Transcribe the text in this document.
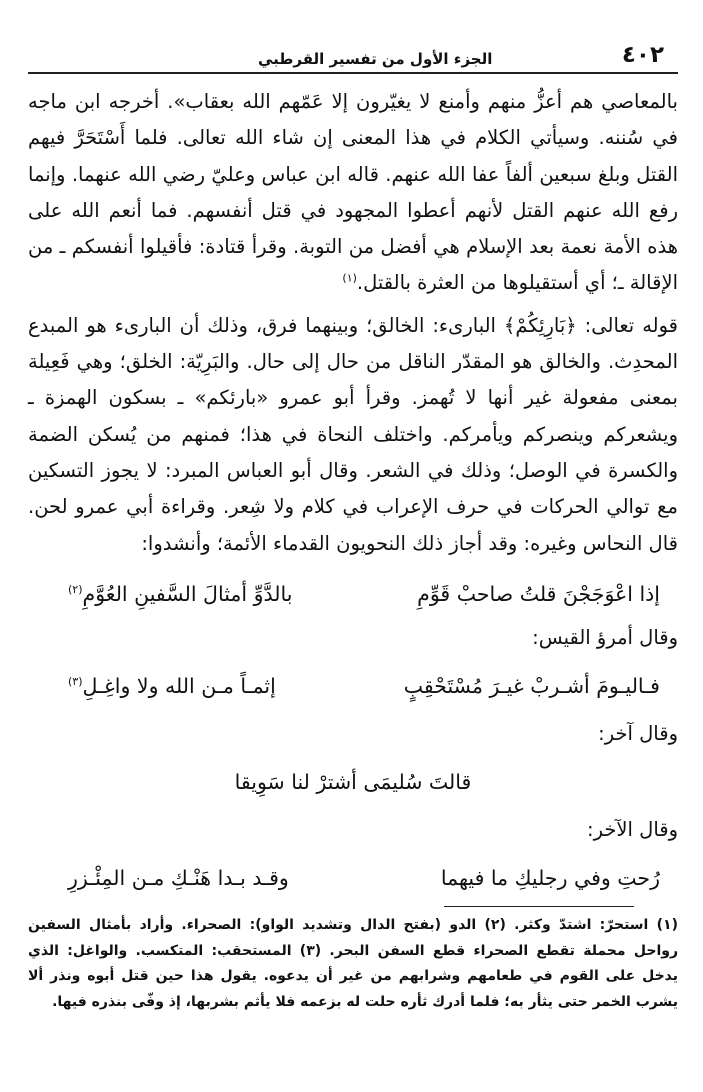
٤٠٢
الجزء الأول من تفسير القرطبي

بالمعاصي هم أعزُّ منهم وأمنع لا يغيّرون إلا عَمّهم الله بعقاب». أخرجه ابن ماجه في سُننه. وسيأتي الكلام في هذا المعنى إن شاء الله تعالى. فلما أَسْتَحَرَّ فيهم القتل وبلغ سبعين ألفاً عفا الله عنهم. قاله ابن عباس وعليّ رضي الله عنهما. وإنما رفع الله عنهم القتل لأنهم أعطوا المجهود في قتل أنفسهم. فما أنعم الله على هذه الأمة نعمة بعد الإسلام هي أفضل من التوبة. وقرأ قتادة: فأقيلوا أنفسكم ـ من الإقالة ـ؛ أي أستقيلوها من العثرة بالقتل.$^{(١)}$

قوله تعالى: ﴿بَارِئِكُمْ﴾ البارىء: الخالق؛ وبينهما فرق، وذلك أن البارىء هو المبدع المحدِث. والخالق هو المقدّر الناقل من حال إلى حال. والبَرِيّة: الخلق؛ وهي فَعِيلة بمعنى مفعولة غير أنها لا تُهمز. وقرأ أبو عمرو «بارئكم» ـ بسكون الهمزة ـ ويشعركم وينصركم ويأمركم. واختلف النحاة في هذا؛ فمنهم من يُسكن الضمة والكسرة في الوصل؛ وذلك في الشعر. وقال أبو العباس المبرد: لا يجوز التسكين مع توالي الحركات في حرف الإعراب في كلام ولا شِعر. وقراءة أبي عمرو لحن. قال النحاس وغيره: وقد أجاز ذلك النحويون القدماء الأئمة؛ وأنشدوا:

إذا اعْوَجَجْنَ قلتُ صاحبْ قَوِّمِ
بالدَّوِّ أمثالَ السَّفينِ العُوَّمِ$^{(٢)}$

وقال أمرؤ القيس:

فـاليـومَ أشـربْ غيـرَ مُسْتَحْقِبٍ
إثمـاً مـن الله ولا واغِـلِ$^{(٣)}$

وقال آخر:

قالتَ سُليمَى أشترْ لنا سَوِيقا

وقال الآخر:

رُحتِ وفي رجليكِ ما فيهما
وقـد بـدا هَنْـكِ مـن المِئْـزرِ

(١) استحرّ: اشتدّ وكثر. (٢) الدو (بفتح الدال وتشديد الواو): الصحراء. وأراد بأمثال السفين رواحل محملة تقطع الصحراء قطع السفن البحر. (٣) المستحقب: المتكسب. والواغل: الذي يدخل على القوم في طعامهم وشرابهم من غير أن يدعوه. يقول هذا حين قتل أبوه ونذر ألا يشرب الخمر حتى يثأر به؛ فلما أدرك ثأره حلت له بزعمه فلا يأثم بشربها، إذ وفّى بنذره فيها.
